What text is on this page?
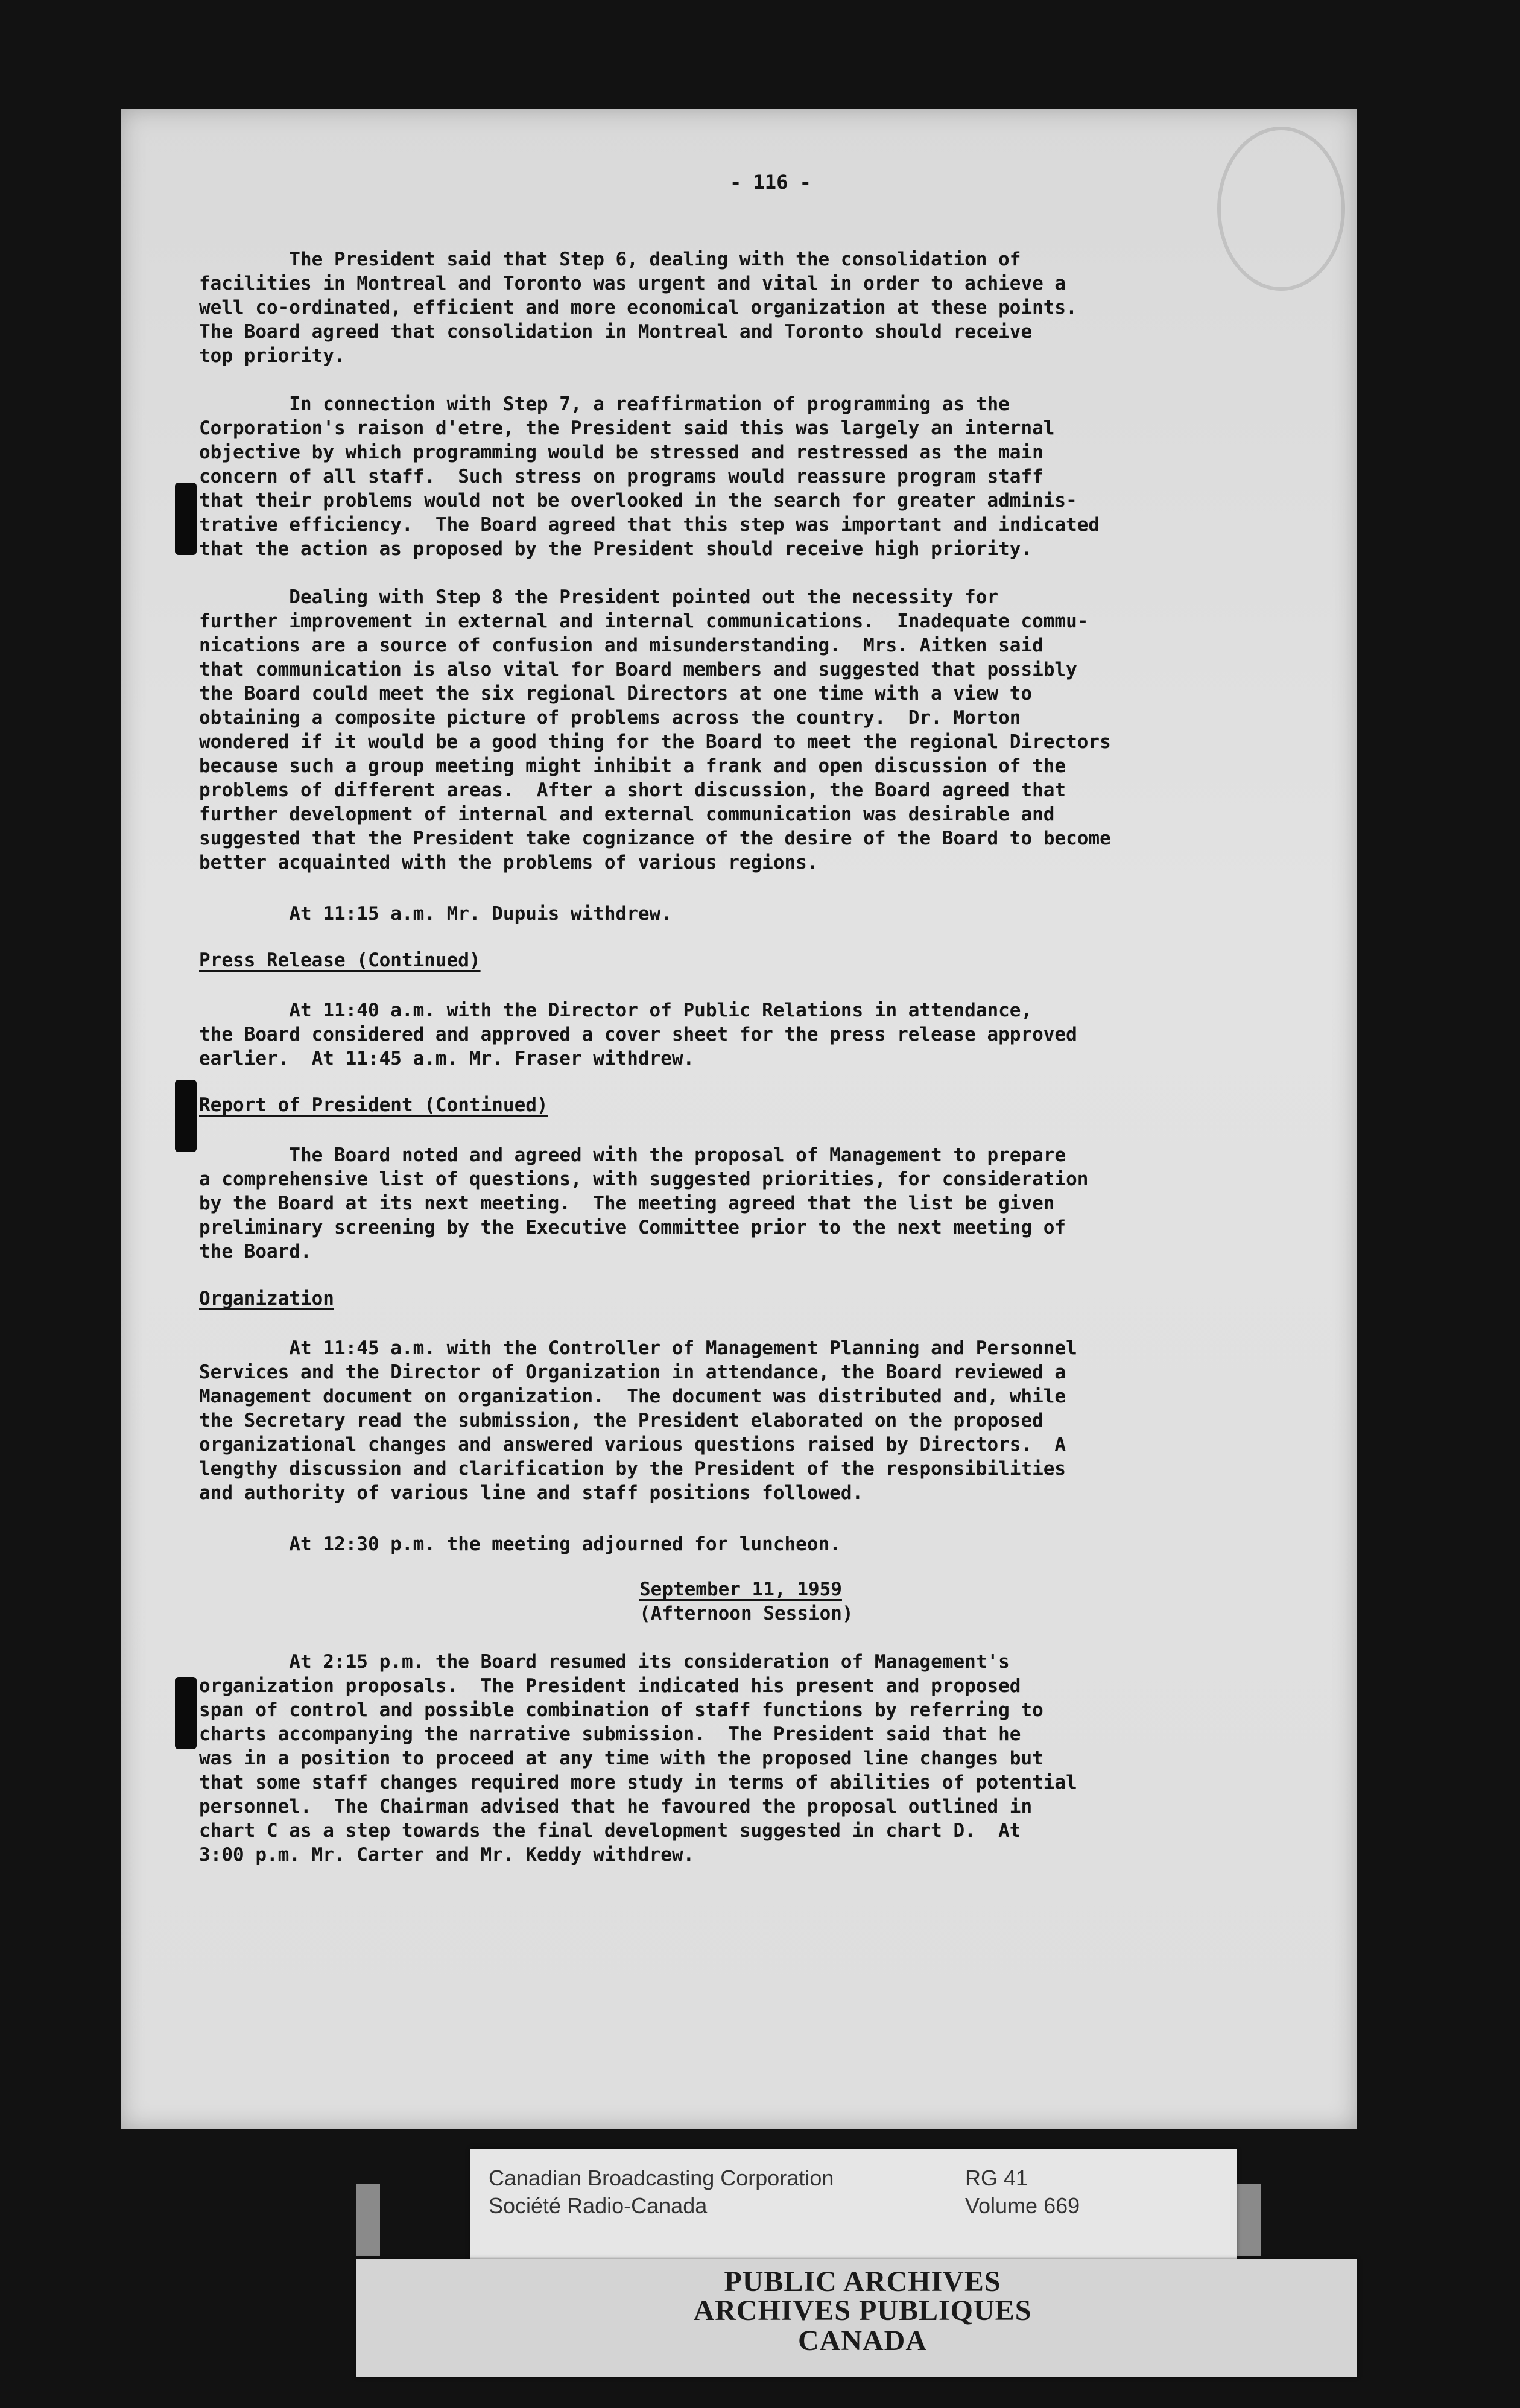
- 116 -

The President said that Step 6, dealing with the consolidation of

facilities in Montreal and Toronto was urgent and vital in order to achieve a

well co-ordinated, efficient and more economical organization at these points.

The Board agreed that consolidation in Montreal and Toronto should receive

top priority.

In connection with Step 7, a reaffirmation of programming as the

Corporation's raison d'etre, the President said this was largely an internal

objective by which programming would be stressed and restressed as the main

concern of all staff.  Such stress on programs would reassure program staff

that their problems would not be overlooked in the search for greater adminis-

trative efficiency.  The Board agreed that this step was important and indicated

that the action as proposed by the President should receive high priority.

Dealing with Step 8 the President pointed out the necessity for

further improvement in external and internal communications.  Inadequate commu-

nications are a source of confusion and misunderstanding.  Mrs. Aitken said

that communication is also vital for Board members and suggested that possibly

the Board could meet the six regional Directors at one time with a view to

obtaining a composite picture of problems across the country.  Dr. Morton

wondered if it would be a good thing for the Board to meet the regional Directors

because such a group meeting might inhibit a frank and open discussion of the

problems of different areas.  After a short discussion, the Board agreed that

further development of internal and external communication was desirable and

suggested that the President take cognizance of the desire of the Board to become

better acquainted with the problems of various regions.

At 11:15 a.m. Mr. Dupuis withdrew.

Press Release (Continued)

At 11:40 a.m. with the Director of Public Relations in attendance,

the Board considered and approved a cover sheet for the press release approved

earlier.  At 11:45 a.m. Mr. Fraser withdrew.

Report of President (Continued)

The Board noted and agreed with the proposal of Management to prepare

a comprehensive list of questions, with suggested priorities, for consideration

by the Board at its next meeting.  The meeting agreed that the list be given

preliminary screening by the Executive Committee prior to the next meeting of

the Board.

Organization

At 11:45 a.m. with the Controller of Management Planning and Personnel

Services and the Director of Organization in attendance, the Board reviewed a

Management document on organization.  The document was distributed and, while

the Secretary read the submission, the President elaborated on the proposed

organizational changes and answered various questions raised by Directors.  A

lengthy discussion and clarification by the President of the responsibilities

and authority of various line and staff positions followed.

At 12:30 p.m. the meeting adjourned for luncheon.

September 11, 1959
(Afternoon Session)

At 2:15 p.m. the Board resumed its consideration of Management's

organization proposals.  The President indicated his present and proposed

span of control and possible combination of staff functions by referring to

charts accompanying the narrative submission.  The President said that he

was in a position to proceed at any time with the proposed line changes but

that some staff changes required more study in terms of abilities of potential

personnel.  The Chairman advised that he favoured the proposal outlined in

chart C as a step towards the final development suggested in chart D.  At

3:00 p.m. Mr. Carter and Mr. Keddy withdrew.

Canadian Broadcasting Corporation
Société Radio-Canada
RG 41
Volume 669
PUBLIC ARCHIVES
ARCHIVES PUBLIQUES
CANADA
